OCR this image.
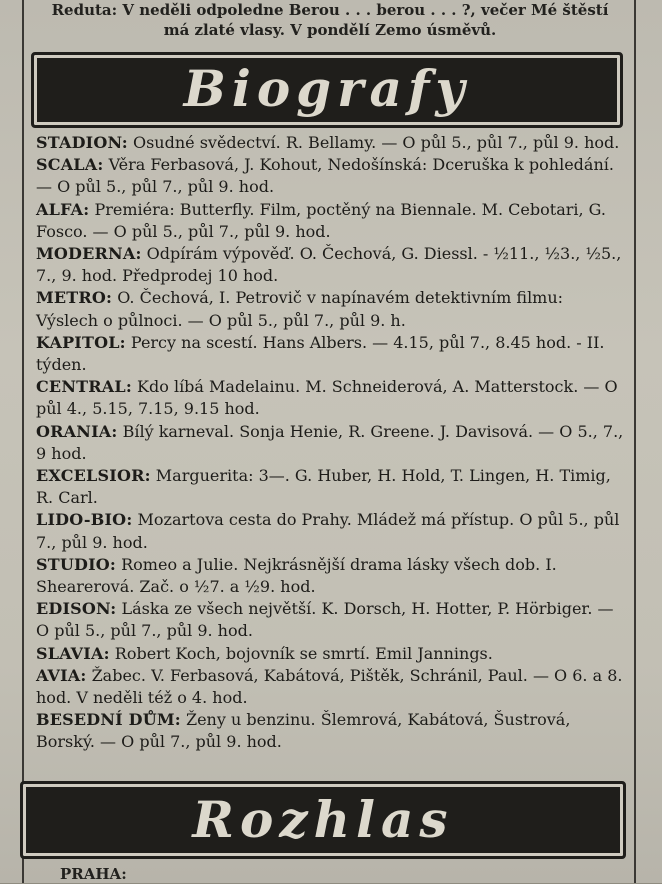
Reduta: V neděli odpoledne Berou . . . berou . . . ?, večer Mé štěstí má zlaté vlasy. V pondělí Zemo úsměvů.
Biografy

STADION: Osudné svědectví. R. Bellamy. — O půl 5., půl 7., půl 9. hod.

SCALA: Věra Ferbasová, J. Kohout, Nedošínská: Dceruška k pohledání. — O půl 5., půl 7., půl 9. hod.

ALFA: Premiéra: Butterfly. Film, poctěný na Biennale. M. Cebotari, G. Fosco. — O půl 5., půl 7., půl 9. hod.

MODERNA: Odpírám výpověď. O. Čechová, G. Diessl. - ½11., ½3., ½5., 7., 9. hod. Předprodej 10 hod.

METRO: O. Čechová, I. Petrovič v napínavém detektivním filmu: Výslech o půlnoci. — O půl 5., půl 7., půl 9. h.

KAPITOL: Percy na scestí. Hans Albers. — 4.15, půl 7., 8.45 hod. - II. týden.

CENTRAL: Kdo líbá Madelainu. M. Schneiderová, A. Matterstock. — O půl 4., 5.15, 7.15, 9.15 hod.

ORANIA: Bílý karneval. Sonja Henie, R. Greene. J. Davisová. — O 5., 7., 9 hod.

EXCELSIOR: Marguerita: 3—. G. Huber, H. Hold, T. Lingen, H. Timig, R. Carl.

LIDO-BIO: Mozartova cesta do Prahy. Mládež má přístup. O půl 5., půl 7., půl 9. hod.

STUDIO: Romeo a Julie. Nejkrásnější drama lásky všech dob. I. Shearerová. Zač. o ½7. a ½9. hod.

EDISON: Láska ze všech největší. K. Dorsch, H. Hotter, P. Hörbiger. — O půl 5., půl 7., půl 9. hod.

SLAVIA: Robert Koch, bojovník se smrtí. Emil Jannings.

AVIA: Žabec. V. Ferbasová, Kabátová, Pištěk, Schránil, Paul. — O 6. a 8. hod. V neděli též o 4. hod.

BESEDNÍ DŮM: Ženy u benzinu. Šlemrová, Kabátová, Šustrová, Borský. — O půl 7., půl 9. hod.

Rozhlas
PRAHA:
